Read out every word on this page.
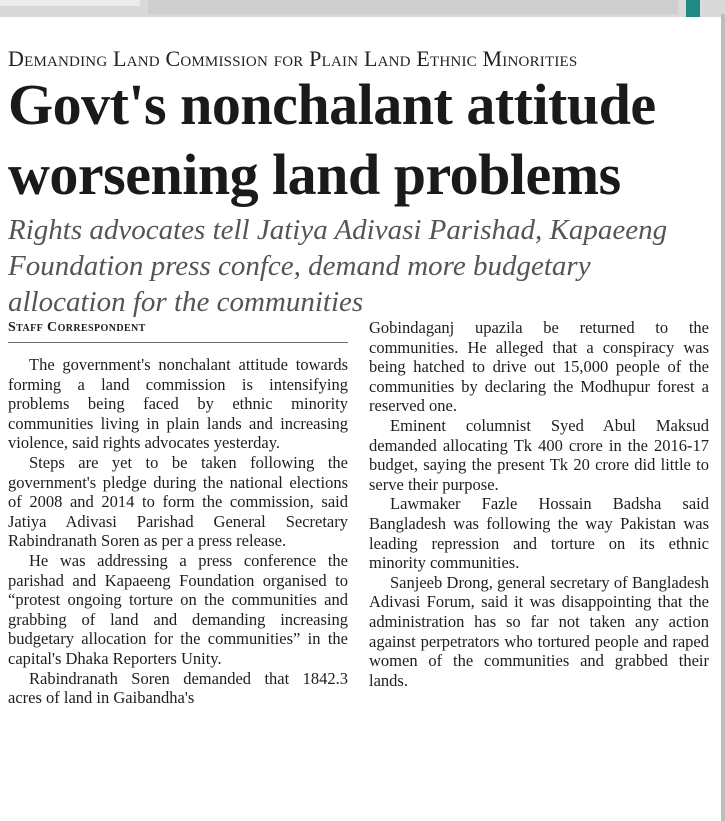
Demanding Land Commission for Plain Land Ethnic Minorities
Govt's nonchalant attitude
worsening land problems
Rights advocates tell Jatiya Adivasi Parishad, Kapaeeng
Foundation press confce, demand more budgetary
allocation for the communities

Staff Correspondent

The government's nonchalant attitude towards forming a land commission is intensifying problems being faced by ethnic minority communities living in plain lands and increasing violence, said rights advocates yesterday.

Steps are yet to be taken following the government's pledge during the national elections of 2008 and 2014 to form the commission, said Jatiya Adivasi Parishad General Secretary Rabindranath Soren as per a press release.

He was addressing a press conference the parishad and Kapaeeng Foundation organised to “protest ongoing torture on the communities and grabbing of land and demanding increasing budgetary allocation for the communities” in the capital's Dhaka Reporters Unity.

Rabindranath Soren demanded that 1842.3 acres of land in Gaibandha's

Gobindaganj upazila be returned to the communities. He alleged that a conspiracy was being hatched to drive out 15,000 people of the communities by declaring the Modhupur forest a reserved one.

Eminent columnist Syed Abul Maksud demanded allocating Tk 400 crore in the 2016-17 budget, saying the present Tk 20 crore did little to serve their purpose.

Lawmaker Fazle Hossain Badsha said Bangladesh was following the way Pakistan was leading repression and torture on its ethnic minority communities.

Sanjeeb Drong, general secretary of Bangladesh Adivasi Forum, said it was disappointing that the administration has so far not taken any action against perpetrators who tortured people and raped women of the communities and grabbed their lands.
